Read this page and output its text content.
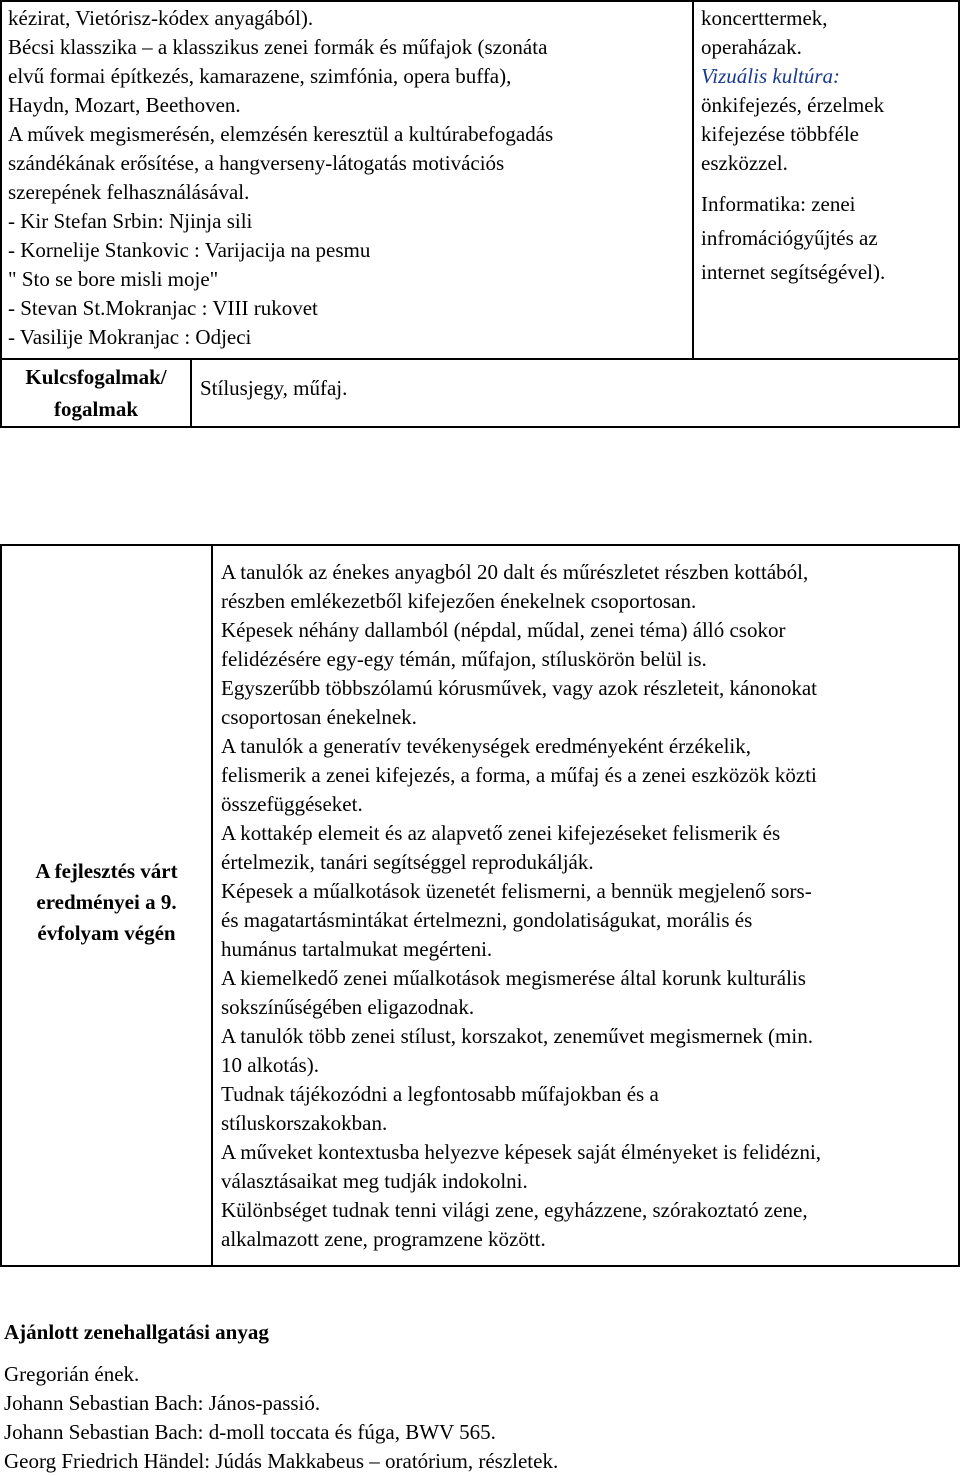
kézirat, Vietórisz-kódex anyagából).
Bécsi klasszika – a klasszikus zenei formák és műfajok (szonáta
elvű formai építkezés, kamarazene, szimfónia, opera buffa),
Haydn, Mozart, Beethoven.
A művek megismerésén, elemzésén keresztül a kultúrabefogadás
szándékának erősítése, a hangverseny-látogatás motivációs
szerepének felhasználásával.
- Kir Stefan Srbin: Njinja sili
- Kornelije Stankovic : Varijacija na pesmu
" Sto se bore misli moje"
- Stevan St.Mokranjac : VIII rukovet
- Vasilije Mokranjac : Odjeci
koncerttermek,
operaházak.
Vizuális kultúra:
önkifejezés, érzelmek
kifejezése többféle
eszközzel.
Informatika: zenei
infromációgyűjtés az
internet segítségével).
Kulcsfogalmak/
fogalmak
Stílusjegy, műfaj.
A fejlesztés várt
eredményei a 9.
évfolyam végén
A tanulók az énekes anyagból 20 dalt és műrészletet részben kottából,
részben emlékezetből kifejezően énekelnek csoportosan.
Képesek néhány dallamból (népdal, műdal, zenei téma) álló csokor
felidézésére egy-egy témán, műfajon, stíluskörön belül is.
Egyszerűbb többszólamú kórusművek, vagy azok részleteit, kánonokat
csoportosan énekelnek.
A tanulók a generatív tevékenységek eredményeként érzékelik,
felismerik a zenei kifejezés, a forma, a műfaj és a zenei eszközök közti
összefüggéseket.
A kottakép elemeit és az alapvető zenei kifejezéseket felismerik és
értelmezik, tanári segítséggel reprodukálják.
Képesek a műalkotások üzenetét felismerni, a bennük megjelenő sors-
és magatartásmintákat értelmezni, gondolatiságukat, morális és
humánus tartalmukat megérteni.
A kiemelkedő zenei műalkotások megismerése által korunk kulturális
sokszínűségében eligazodnak.
A tanulók több zenei stílust, korszakot, zeneművet megismernek (min.
10 alkotás).
Tudnak tájékozódni a legfontosabb műfajokban és a
stíluskorszakokban.
A műveket kontextusba helyezve képesek saját élményeket is felidézni,
választásaikat meg tudják indokolni.
Különbséget tudnak tenni világi zene, egyházzene, szórakoztató zene,
alkalmazott zene, programzene között.
Ajánlott zenehallgatási anyag
Gregorián ének.
Johann Sebastian Bach: János-passió.
Johann Sebastian Bach: d-moll toccata és fúga, BWV 565.
Georg Friedrich Händel: Júdás Makkabeus – oratórium, részletek.
